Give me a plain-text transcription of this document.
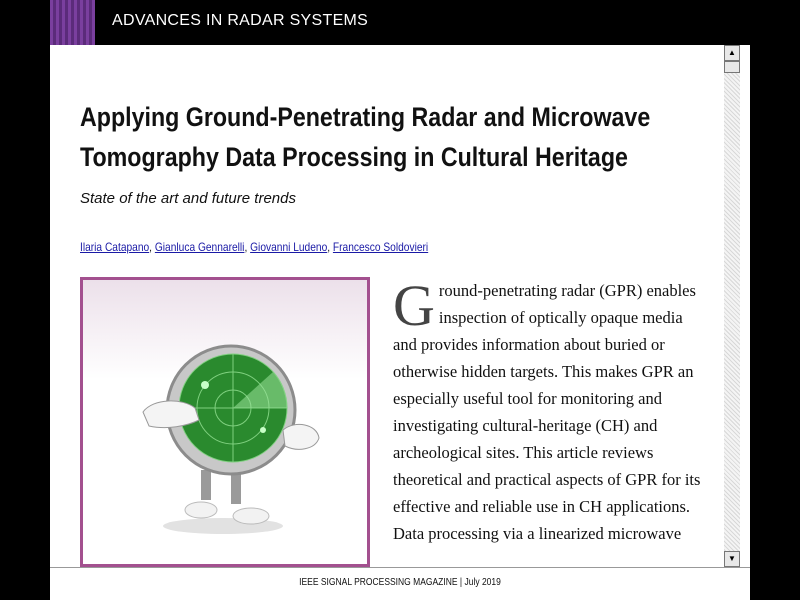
ADVANCES IN RADAR SYSTEMS
Applying Ground-Penetrating Radar and Microwave Tomography Data Processing in Cultural Heritage
State of the art and future trends
Ilaria Catapano, Gianluca Gennarelli, Giovanni Ludeno, Francesco Soldovieri

Ground-penetrating radar (GPR) enables inspection of optically opaque media and provides information about buried or otherwise hidden targets. This makes GPR an especially useful tool for monitoring and investigating cultural-heritage (CH) and archeological sites. This article reviews theoretical and practical aspects of GPR for its effective and reliable use in CH applications. Data processing via a linearized microwave

▲
▼
IEEE SIGNAL PROCESSING MAGAZINE | July 2019
